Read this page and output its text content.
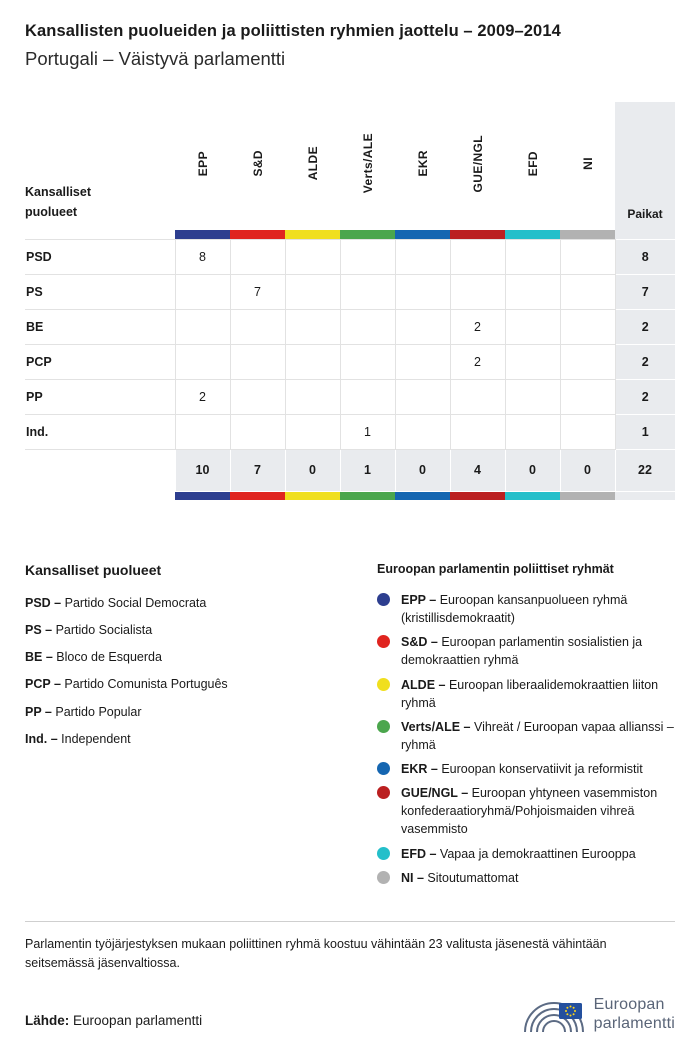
Kansallisten puolueiden ja poliittisten ryhmien jaottelu – 2009–2014
Portugali – Väistyvä parlamentti
Kansalliset puolueet	EPP	S&D	ALDE	Verts/ALE	EKR	GUE/NGL	EFD	NI	Paikat

PSD	8								8
PS		7							7
BE						2			2
PCP						2			2
PP	2								2
Ind.				1					1
	10	7	0	1	0	4	0	0	22

Kansalliset puolueet
PSD – Partido Social Democrata
PS – Partido Socialista
BE – Bloco de Esquerda
PCP – Partido Comunista Português
PP – Partido Popular
Ind. – Independent
Euroopan parlamentin poliittiset ryhmät
EPP – Euroopan kansanpuolueen ryhmä (kristillisdemokraatit)
S&D – Euroopan parlamentin sosialistien ja demokraattien ryhmä
ALDE – Euroopan liberaalidemokraattien liiton ryhmä
Verts/ALE – Vihreät / Euroopan vapaa allianssi – ryhmä
EKR – Euroopan konservatiivit ja reformistit
GUE/NGL – Euroopan yhtyneen vasemmiston konfederaatioryhmä/Pohjoismaiden vihreä vasemmisto
EFD – Vapaa ja demokraattinen Eurooppa
NI – Sitoutumattomat
Parlamentin työjärjestyksen mukaan poliittinen ryhmä koostuu vähintään 23 valitusta jäsenestä vähintään seitsemässä jäsenvaltiossa.
Lähde: Euroopan parlamentti
Euroopan
parlamentti
